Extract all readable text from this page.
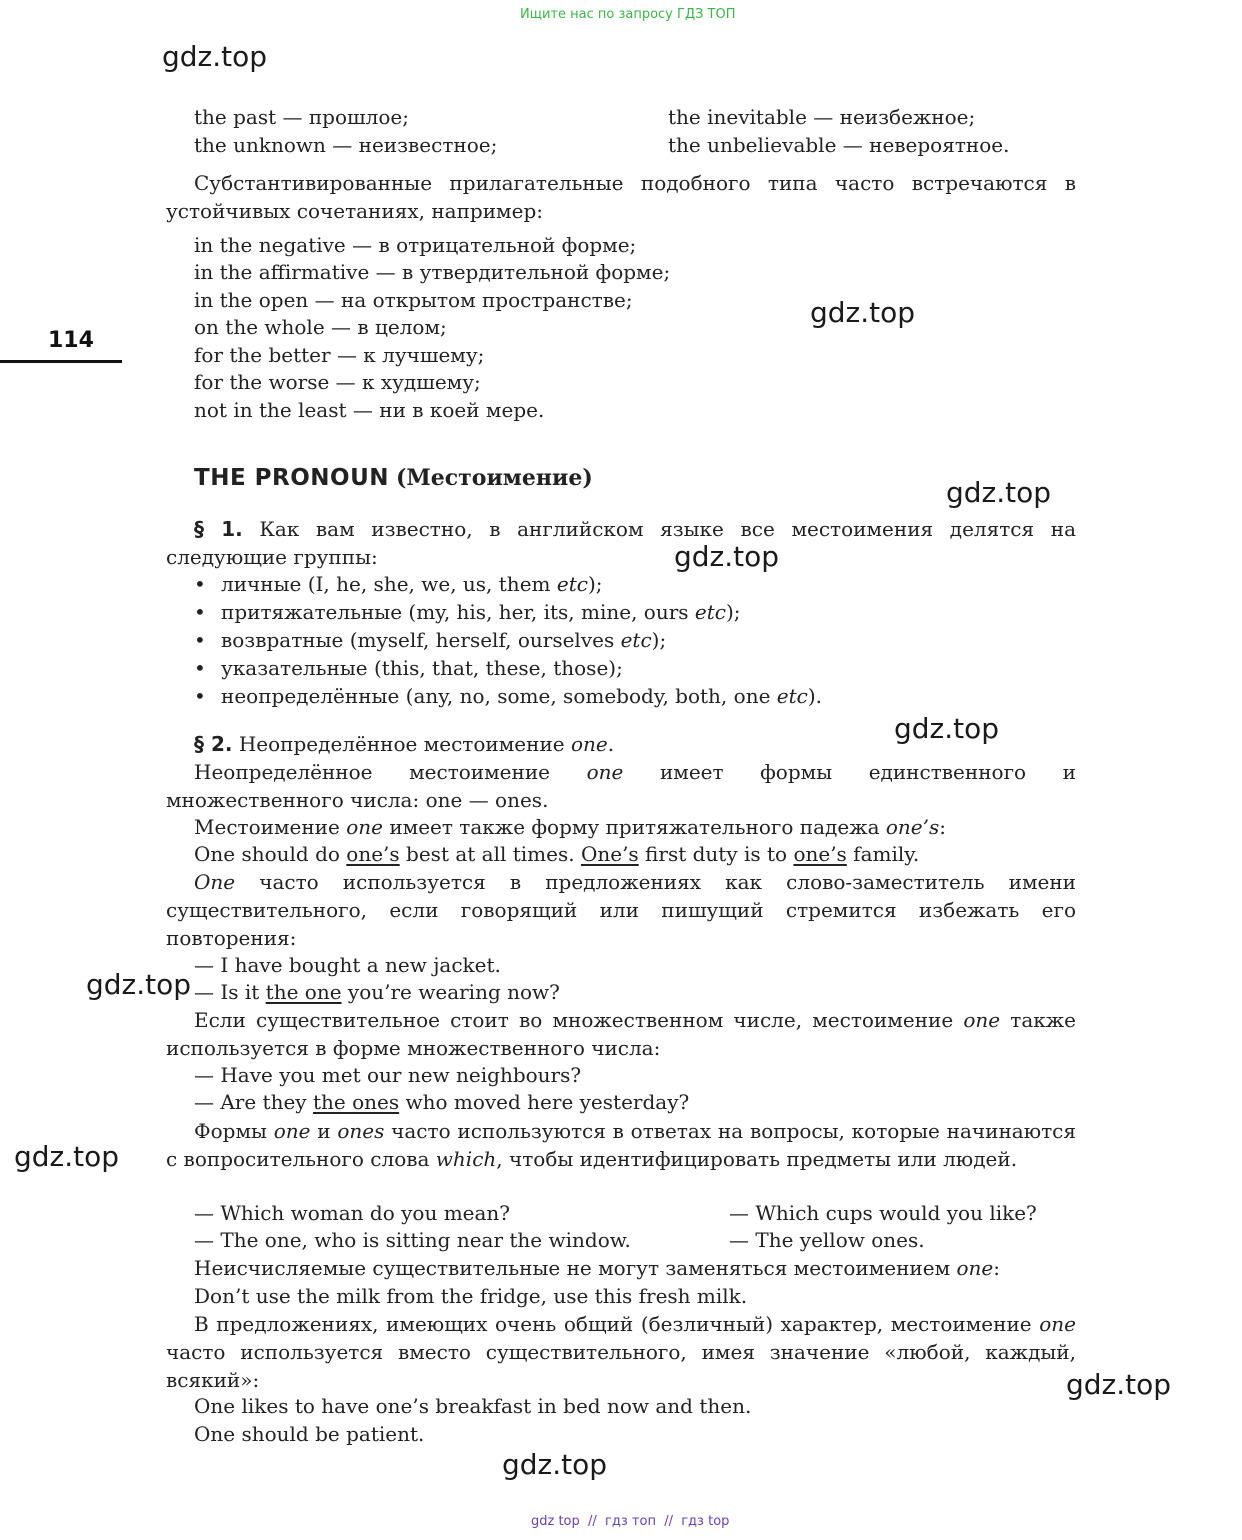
Ищите нас по запросу ГДЗ ТОП
gdz.top
gdz.top
gdz.top
gdz.top
gdz.top
gdz.top
gdz.top
gdz.top
gdz.top
114
the past — прошлое;	the inevitable — неизбежное;
the unknown — неизвестное;	the unbelievable — невероятное.
Субстантивированные прилагательные подобного типа часто встречаются в устойчивых сочетаниях, например:
in the negative — в отрицательной форме;
in the affirmative — в утвердительной форме;
in the open — на открытом пространстве;
on the whole — в целом;
for the better — к лучшему;
for the worse — к худшему;
not in the least — ни в коей мере.
THE PRONOUN (Местоимение)
§ 1. Как вам известно, в английском языке все местоимения делятся на следующие группы:
• личные (I, he, she, we, us, them etc);
• притяжательные (my, his, her, its, mine, ours etc);
• возвратные (myself, herself, ourselves etc);
• указательные (this, that, these, those);
• неопределённые (any, no, some, somebody, both, one etc).
§ 2. Неопределённое местоимение one.
Неопределённое местоимение one имеет формы единственного и множественного числа: one — ones.
Местоимение one имеет также форму притяжательного падежа one’s:
One should do one’s best at all times. One’s first duty is to one’s family.
One часто используется в предложениях как слово-заместитель имени существительного, если говорящий или пишущий стремится избежать его повторения:
— I have bought a new jacket.
— Is it the one you’re wearing now?
Если существительное стоит во множественном числе, местоимение one также используется в форме множественного числа:
— Have you met our new neighbours?
— Are they the ones who moved here yesterday?
Формы one и ones часто используются в ответах на вопросы, которые начинаются с вопросительного слова which, чтобы идентифицировать предметы или людей.
— Which woman do you mean?	— Which cups would you like?
— The one, who is sitting near the window.	— The yellow ones.
Неисчисляемые существительные не могут заменяться местоимением one:
Don’t use the milk from the fridge, use this fresh milk.
В предложениях, имеющих очень общий (безличный) характер, местоимение one часто используется вместо существительного, имея значение «любой, каждый, всякий»:
One likes to have one’s breakfast in bed now and then.
One should be patient.
gdz top  //  гдз топ  //  гдз top
